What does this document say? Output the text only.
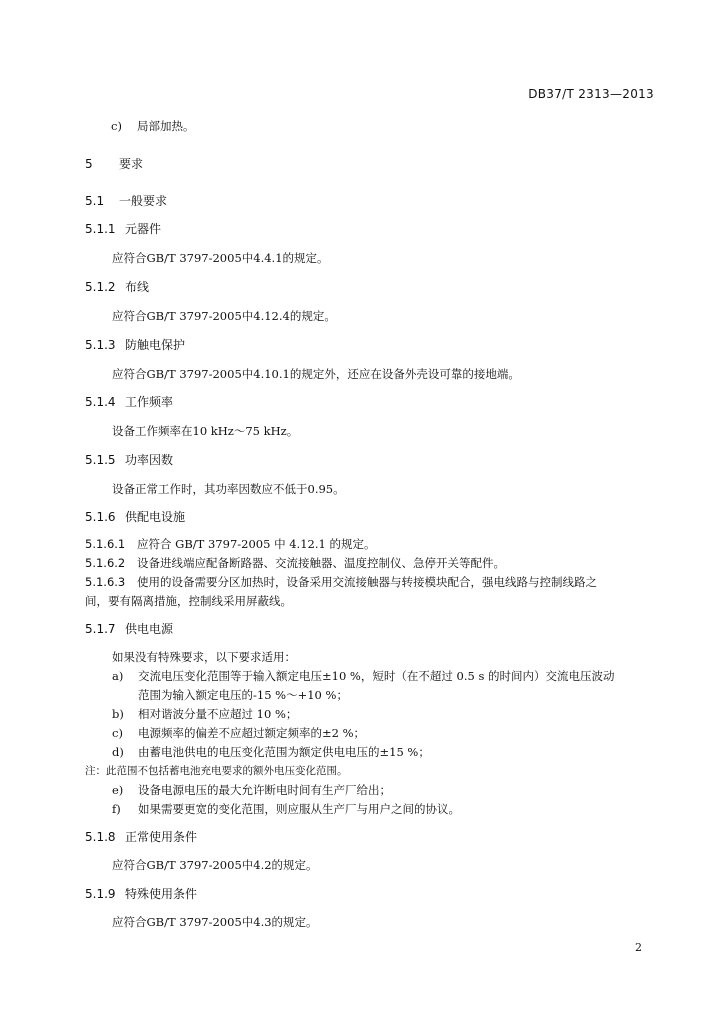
DB37/T 2313—2013
c) 局部加热。
5 要求
5.1 一般要求
5.1.1 元器件
应符合GB/T 3797-2005中4.4.1的规定。
5.1.2 布线
应符合GB/T 3797-2005中4.12.4的规定。
5.1.3 防触电保护
应符合GB/T 3797-2005中4.10.1的规定外，还应在设备外壳设可靠的接地端。
5.1.4 工作频率
设备工作频率在10 kHz～75 kHz。
5.1.5 功率因数
设备正常工作时，其功率因数应不低于0.95。
5.1.6 供配电设施
5.1.6.1 应符合 GB/T 3797-2005 中 4.12.1 的规定。
5.1.6.2 设备进线端应配备断路器、交流接触器、温度控制仪、急停开关等配件。
5.1.6.3 使用的设备需要分区加热时，设备采用交流接触器与转接模块配合，强电线路与控制线路之
间，要有隔离措施，控制线采用屏蔽线。
5.1.7 供电电源
如果没有特殊要求，以下要求适用：
a) 交流电压变化范围等于输入额定电压±10 %，短时（在不超过 0.5 s 的时间内）交流电压波动
范围为输入额定电压的-15 %～+10 %；
b) 相对谐波分量不应超过 10 %；
c) 电源频率的偏差不应超过额定频率的±2 %；
d) 由蓄电池供电的电压变化范围为额定供电电压的±15 %；
注：此范围不包括蓄电池充电要求的额外电压变化范围。
e) 设备电源电压的最大允许断电时间有生产厂给出；
f) 如果需要更宽的变化范围，则应服从生产厂与用户之间的协议。
5.1.8 正常使用条件
应符合GB/T 3797-2005中4.2的规定。
5.1.9 特殊使用条件
应符合GB/T 3797-2005中4.3的规定。
2
